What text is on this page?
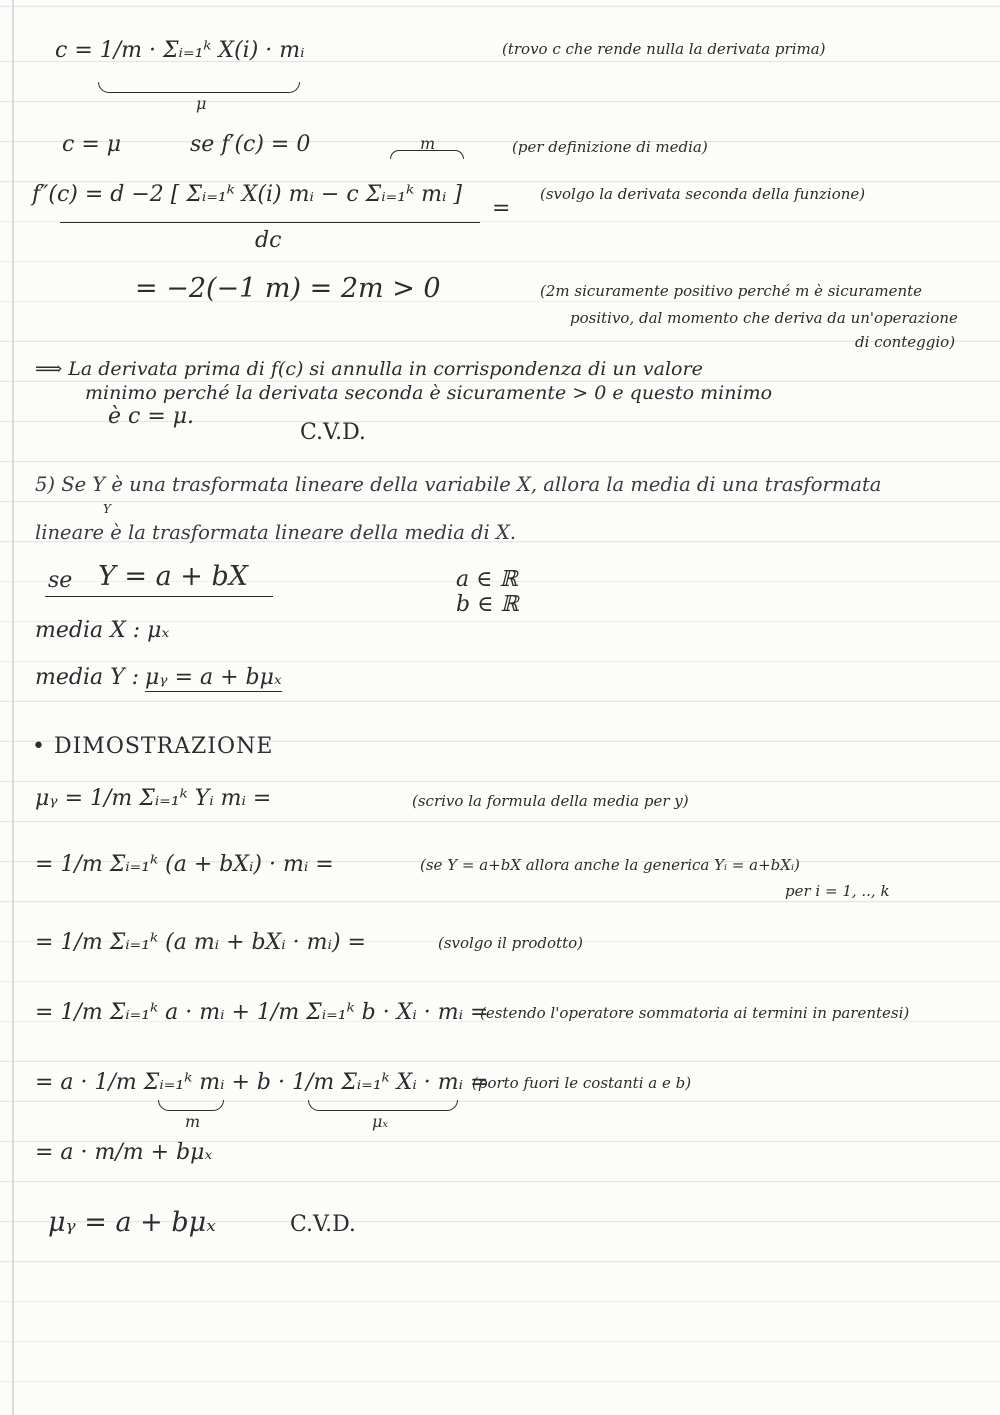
c = 1/m · Σᵢ₌₁ᵏ X(i) · mᵢ
μ
(trovo c che rende nulla la derivata prima)
c = μ	se f′(c) = 0	(per definizione di media)
m
f″(c) = d −2 [ Σᵢ₌₁ᵏ X(i) mᵢ − c Σᵢ₌₁ᵏ mᵢ ]
=
(svolgo la derivata seconda della funzione)
dc
= −2(−1 m) = 2m > 0	(2m sicuramente positivo perché m è sicuramente
positivo, dal momento che deriva da un'operazione
di conteggio)
⟹ La derivata prima di f(c) si annulla in corrispondenza di un valore
minimo perché la derivata seconda è sicuramente > 0 e questo minimo
è c = μ.
C.V.D.
5) Se Y è una trasformata lineare della variabile X, allora la media di una trasformata
Y
lineare è la trasformata lineare della media di X.
se Y = a + bX	a ∈ ℝ
b ∈ ℝ
media X : μₓ
media Y : μᵧ = a + bμₓ
• DIMOSTRAZIONE
μᵧ = 1/m Σᵢ₌₁ᵏ Yᵢ mᵢ =	(scrivo la formula della media per y)
= 1/m Σᵢ₌₁ᵏ (a + bXᵢ) · mᵢ =	(se Y = a+bX allora anche la generica Yᵢ = a+bXᵢ)
per i = 1, .., k
= 1/m Σᵢ₌₁ᵏ (a mᵢ + bXᵢ · mᵢ) =	(svolgo il prodotto)
= 1/m Σᵢ₌₁ᵏ a · mᵢ + 1/m Σᵢ₌₁ᵏ b · Xᵢ · mᵢ =
(estendo l'operatore sommatoria ai termini in parentesi)
= a · 1/m Σᵢ₌₁ᵏ mᵢ + b · 1/m Σᵢ₌₁ᵏ Xᵢ · mᵢ =
(porto fuori le costanti a e b)
m	μₓ
= a · m/m + bμₓ
μᵧ = a + bμₓ	C.V.D.
